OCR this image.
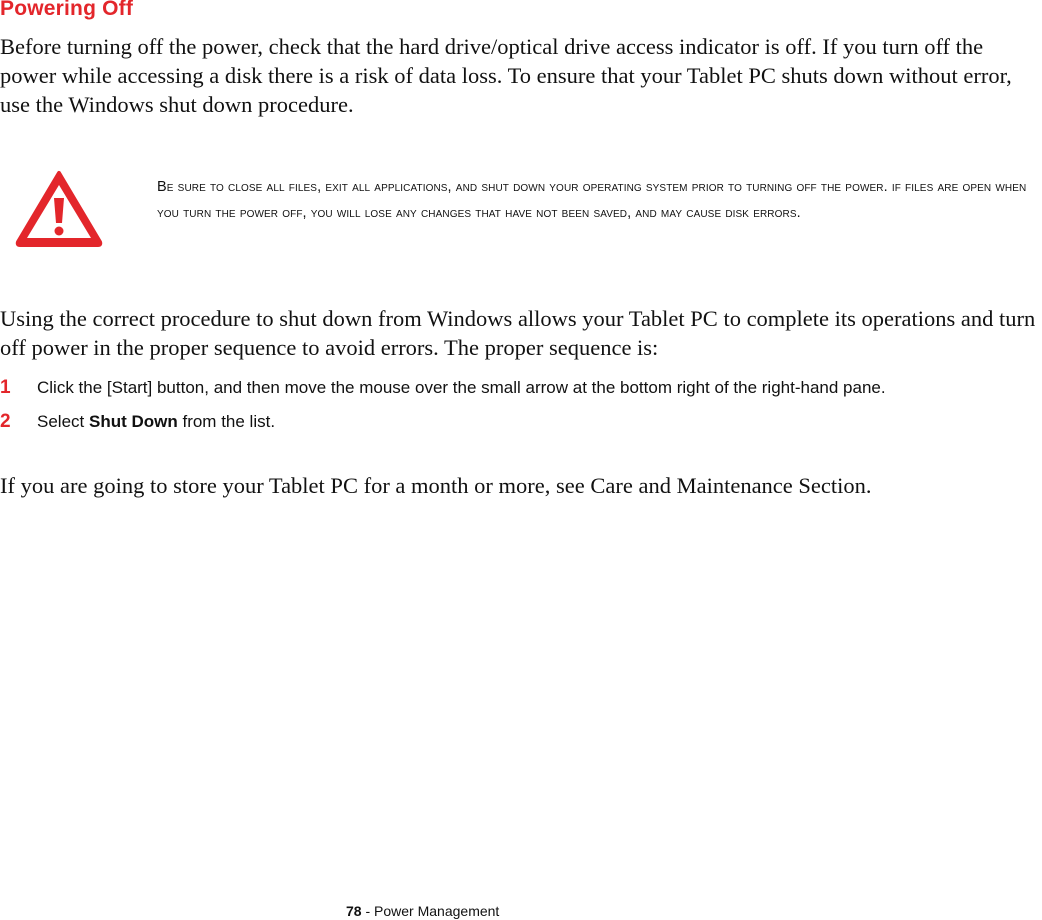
Powering Off

Before turning off the power, check that the hard drive/optical drive access indicator is off. If you turn off the power while accessing a disk there is a risk of data loss. To ensure that your Tablet PC shuts down without error, use the Windows shut down procedure.

Be sure to close all files, exit all applications, and shut down your operating system prior to turning off the power. if files are open when you turn the power off, you will lose any changes that have not been saved, and may cause disk errors.

Using the correct procedure to shut down from Windows allows your Tablet PC to complete its operations and turn off power in the proper sequence to avoid errors. The proper sequence is:

1 Click the [Start] button, and then move the mouse over the small arrow at the bottom right of the right-hand pane.
2 Select Shut Down from the list.

If you are going to store your Tablet PC for a month or more, see Care and Maintenance Section.

78 - Power Management
